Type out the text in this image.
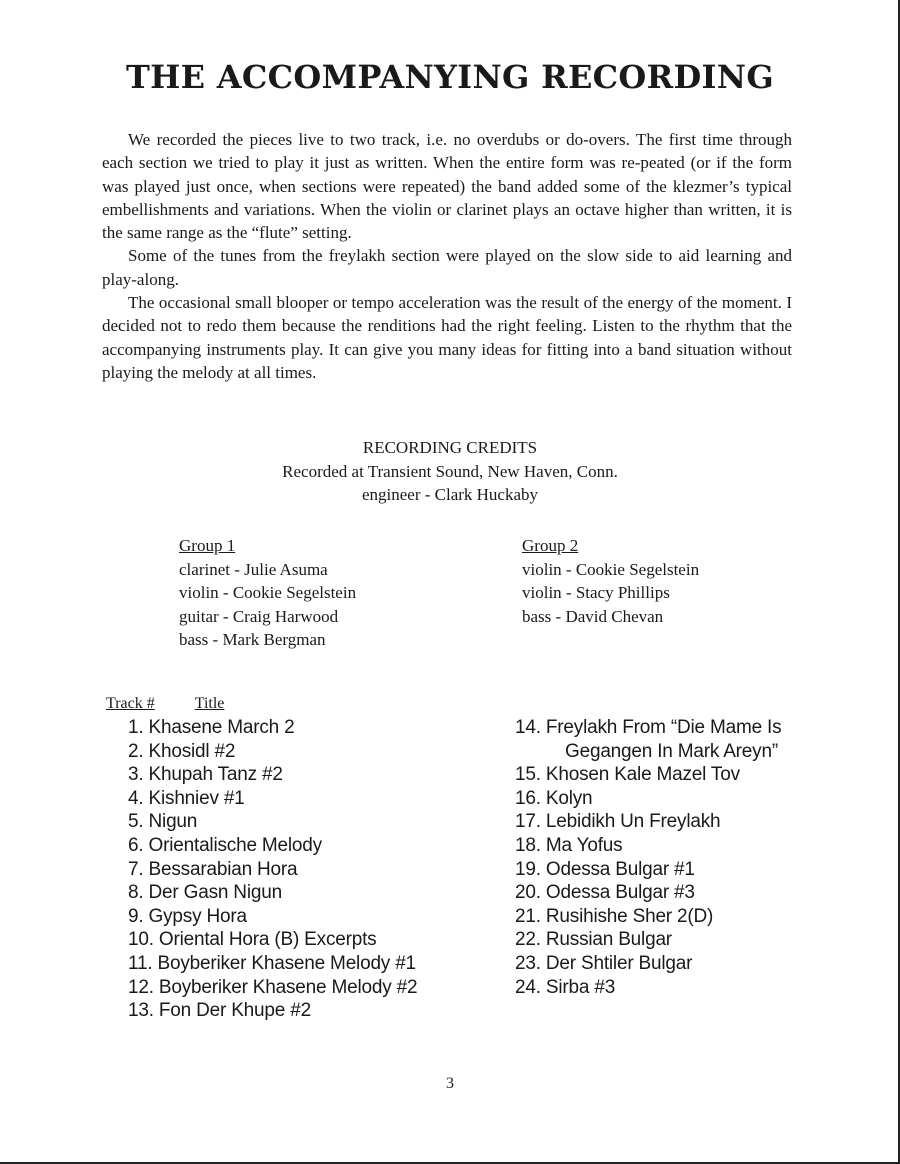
THE ACCOMPANYING RECORDING

We recorded the pieces live to two track, i.e. no overdubs or do-overs. The first time through each section we tried to play it just as written. When the entire form was re-peated (or if the form was played just once, when sections were repeated) the band added some of the klezmer’s typical embellishments and variations. When the violin or clarinet plays an octave higher than written, it is the same range as the “flute” setting.

Some of the tunes from the freylakh section were played on the slow side to aid learning and play-along.

The occasional small blooper or tempo acceleration was the result of the energy of the moment. I decided not to redo them because the renditions had the right feeling. Listen to the rhythm that the accompanying instruments play. It can give you many ideas for fitting into a band situation without playing the melody at all times.

RECORDING CREDITS
Recorded at Transient Sound, New Haven, Conn.
engineer - Clark Huckaby
Group 1
clarinet - Julie Asuma
violin - Cookie Segelstein
guitar - Craig Harwood
bass - Mark Bergman
Group 2
violin - Cookie Segelstein
violin - Stacy Phillips
bass - David Chevan
Track #	Title
1. Khasene March 2
2. Khosidl #2
3. Khupah Tanz #2
4. Kishniev #1
5. Nigun
6. Orientalische Melody
7. Bessarabian Hora
8. Der Gasn Nigun
9. Gypsy Hora
10. Oriental Hora (B) Excerpts
11. Boyberiker Khasene Melody #1
12. Boyberiker Khasene Melody #2
13. Fon Der Khupe #2
14. Freylakh From “Die Mame Is
Gegangen In Mark Areyn”
15. Khosen Kale Mazel Tov
16. Kolyn
17. Lebidikh Un Freylakh
18. Ma Yofus
19. Odessa Bulgar #1
20. Odessa Bulgar #3
21. Rusihishe Sher 2(D)
22. Russian Bulgar
23. Der Shtiler Bulgar
24. Sirba #3
3
